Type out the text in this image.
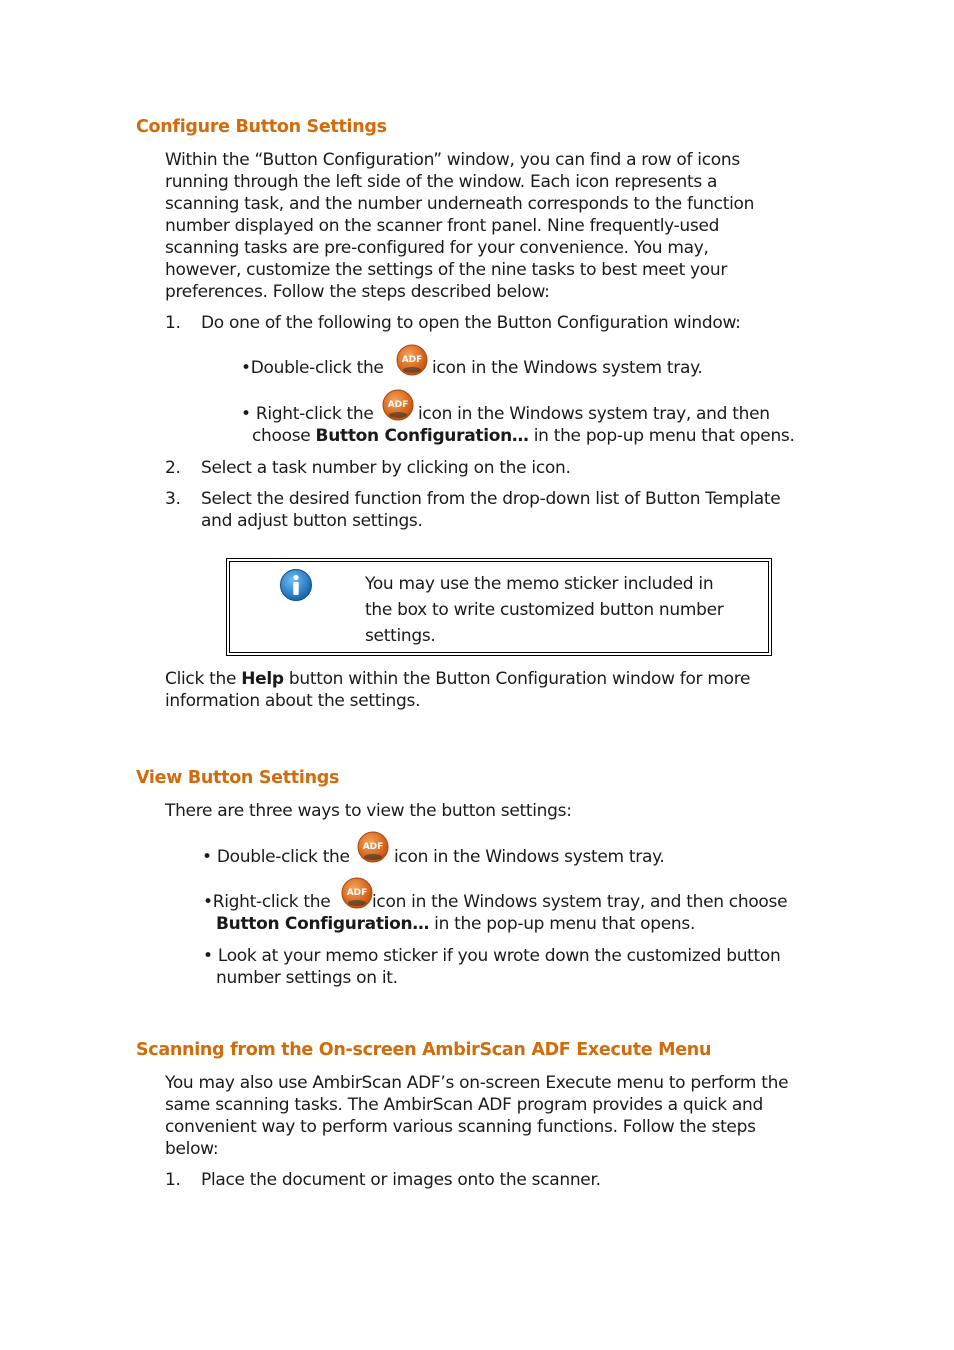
Configure Button Settings
Within the “Button Configuration” window, you can find a row of icons
running through the left side of the window. Each icon represents a
scanning task, and the number underneath corresponds to the function
number displayed on the scanner front panel. Nine frequently-used
scanning tasks are pre-configured for your convenience. You may,
however, customize the settings of the nine tasks to best meet your
preferences. Follow the steps described below:
1. Do one of the following to open the Button Configuration window:
•Double-click the ADF icon in the Windows system tray.
• Right-click the ADF icon in the Windows system tray, and then
choose Button Configuration… in the pop-up menu that opens.
2. Select a task number by clicking on the icon.
3. Select the desired function from the drop-down list of Button Template
and adjust button settings.
You may use the memo sticker included in
the box to write customized button number
settings.
Click the Help button within the Button Configuration window for more
information about the settings.
View Button Settings
There are three ways to view the button settings:
• Double-click the ADF icon in the Windows system tray.
•Right-click the ADF icon in the Windows system tray, and then choose
Button Configuration… in the pop-up menu that opens.
• Look at your memo sticker if you wrote down the customized button
number settings on it.
Scanning from the On-screen AmbirScan ADF Execute Menu
You may also use AmbirScan ADF’s on-screen Execute menu to perform the
same scanning tasks. The AmbirScan ADF program provides a quick and
convenient way to perform various scanning functions. Follow the steps
below:
1. Place the document or images onto the scanner.
